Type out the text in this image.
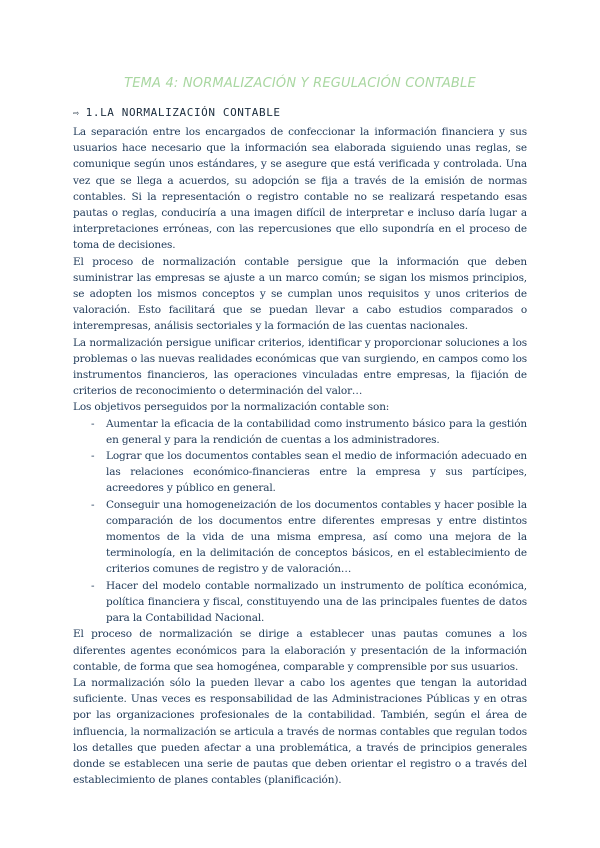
TEMA 4: NORMALIZACIÓN Y REGULACIÓN CONTABLE
⇨ 1.LA NORMALIZACIÓN CONTABLE

La separación entre los encargados de confeccionar la información financiera y sus usuarios hace necesario que la información sea elaborada siguiendo unas reglas, se comunique según unos estándares, y se asegure que está verificada y controlada. Una vez que se llega a acuerdos, su adopción se fija a través de la emisión de normas contables. Si la representación o registro contable no se realizará respetando esas pautas o reglas, conduciría a una imagen difícil de interpretar e incluso daría lugar a interpretaciones erróneas, con las repercusiones que ello supondría en el proceso de toma de decisiones.

El proceso de normalización contable persigue que la información que deben suministrar las empresas se ajuste a un marco común; se sigan los mismos principios, se adopten los mismos conceptos y se cumplan unos requisitos y unos criterios de valoración. Esto facilitará que se puedan llevar a cabo estudios comparados o interempresas, análisis sectoriales y la formación de las cuentas nacionales.

La normalización persigue unificar criterios, identificar y proporcionar soluciones a los problemas o las nuevas realidades económicas que van surgiendo, en campos como los instrumentos financieros, las operaciones vinculadas entre empresas, la fijación de criterios de reconocimiento o determinación del valor…

Los objetivos perseguidos por la normalización contable son:

- Aumentar la eficacia de la contabilidad como instrumento básico para la gestión en general y para la rendición de cuentas a los administradores.
- Lograr que los documentos contables sean el medio de información adecuado en las relaciones económico-financieras entre la empresa y sus partícipes, acreedores y público en general.
- Conseguir una homogeneización de los documentos contables y hacer posible la comparación de los documentos entre diferentes empresas y entre distintos momentos de la vida de una misma empresa, así como una mejora de la terminología, en la delimitación de conceptos básicos, en el establecimiento de criterios comunes de registro y de valoración…
- Hacer del modelo contable normalizado un instrumento de política económica, política financiera y fiscal, constituyendo una de las principales fuentes de datos para la Contabilidad Nacional.

El proceso de normalización se dirige a establecer unas pautas comunes a los diferentes agentes económicos para la elaboración y presentación de la información contable, de forma que sea homogénea, comparable y comprensible por sus usuarios.

La normalización sólo la pueden llevar a cabo los agentes que tengan la autoridad suficiente. Unas veces es responsabilidad de las Administraciones Públicas y en otras por las organizaciones profesionales de la contabilidad. También, según el área de influencia, la normalización se articula a través de normas contables que regulan todos los detalles que pueden afectar a una problemática, a través de principios generales donde se establecen una serie de pautas que deben orientar el registro o a través del establecimiento de planes contables (planificación).
